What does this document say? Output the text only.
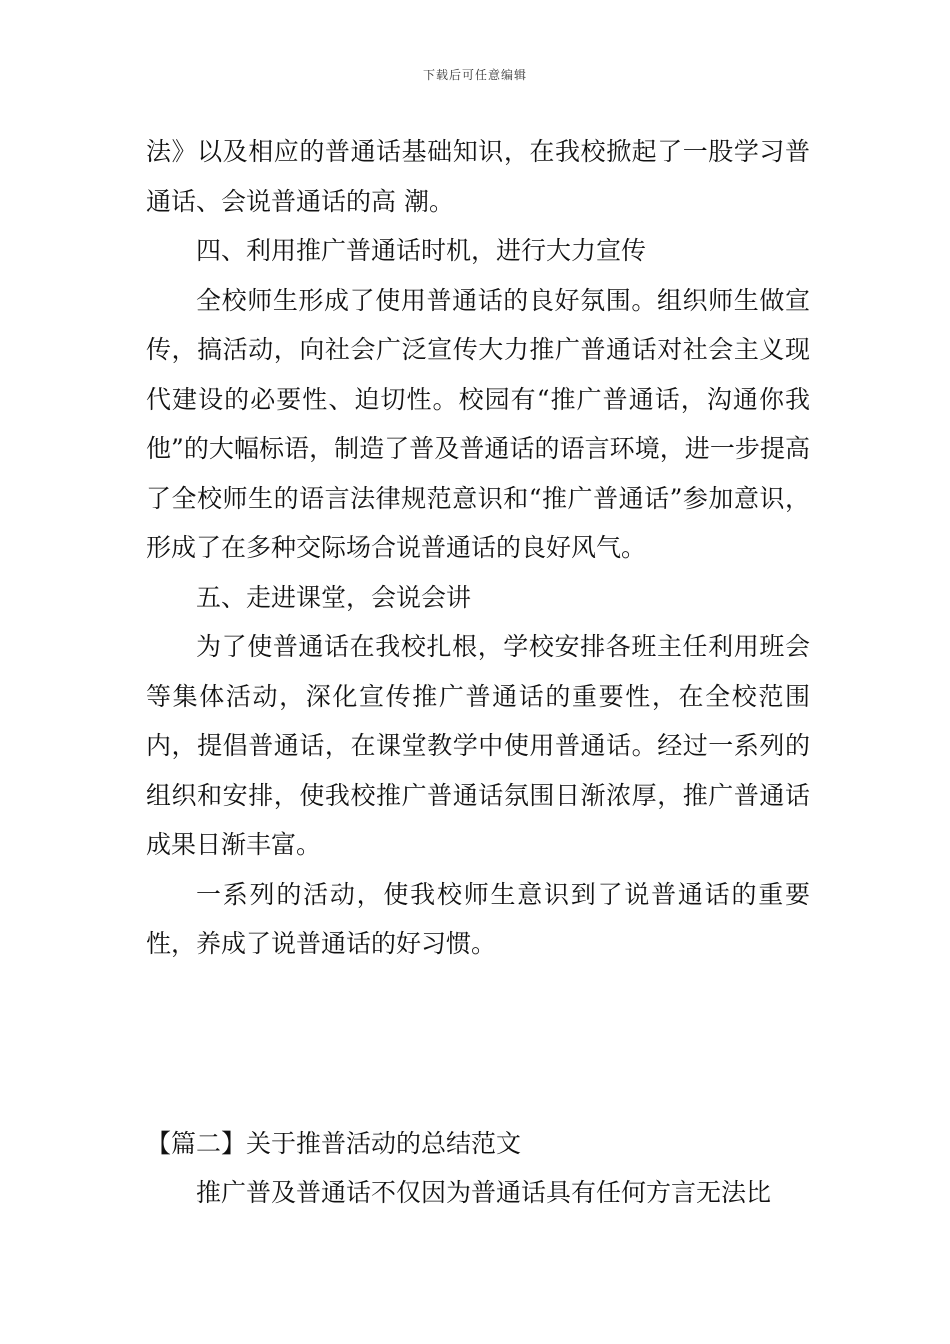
下载后可任意编辑

法》以及相应的普通话基础知识，在我校掀起了一股学习普通话、会说普通话的高 潮。

四、利用推广普通话时机，进行大力宣传

全校师生形成了使用普通话的良好氛围。组织师生做宣传，搞活动，向社会广泛宣传大力推广普通话对社会主义现代建设的必要性、迫切性。校园有“推广普通话，沟通你我他”的大幅标语，制造了普及普通话的语言环境，进一步提高了全校师生的语言法律规范意识和“推广普通话”参加意识，形成了在多种交际场合说普通话的良好风气。

五、走进课堂，会说会讲

为了使普通话在我校扎根，学校安排各班主任利用班会等集体活动，深化宣传推广普通话的重要性，在全校范围内，提倡普通话，在课堂教学中使用普通话。经过一系列的组织和安排，使我校推广普通话氛围日渐浓厚，推广普通话成果日渐丰富。

一系列的活动，使我校师生意识到了说普通话的重要性，养成了说普通话的好习惯。

【篇二】关于推普活动的总结范文

推广普及普通话不仅因为普通话具有任何方言无法比
